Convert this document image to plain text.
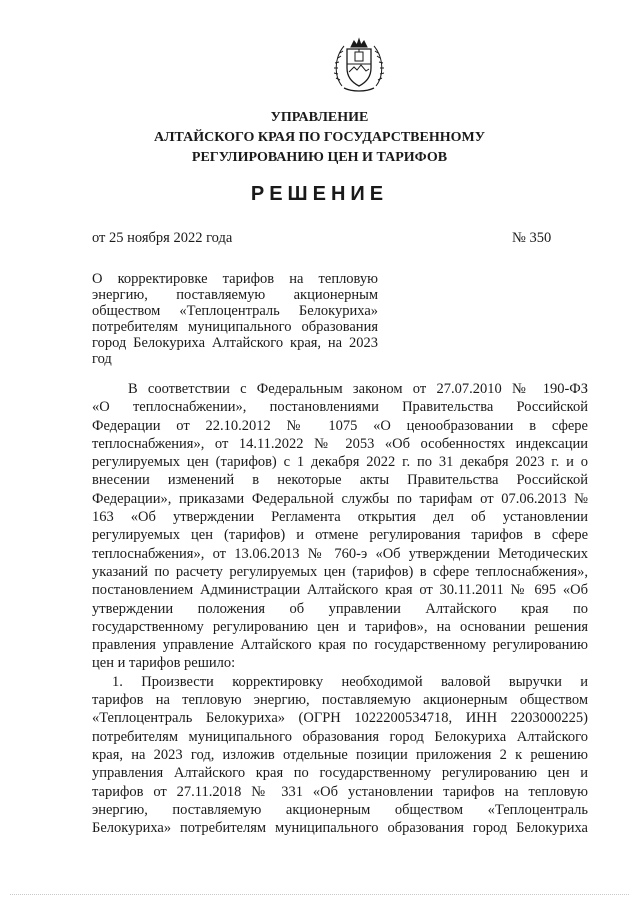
УПРАВЛЕНИЕ
АЛТАЙСКОГО КРАЯ ПО ГОСУДАРСТВЕННОМУ
РЕГУЛИРОВАНИЮ ЦЕН И ТАРИФОВ
РЕШЕНИЕ
от 25 ноября 2022 года	№ 350
О корректировке тарифов на тепловую
энергию, поставляемую акционерным
обществом «Теплоцентраль Белокуриха»
потребителям муниципального образования
город Белокуриха Алтайского края, на 2023
год
В соответствии с Федеральным законом от 27.07.2010 № 190-ФЗ
«О теплоснабжении», постановлениями Правительства Российской
Федерации от 22.10.2012 № 1075 «О ценообразовании в сфере
теплоснабжения», от 14.11.2022 № 2053 «Об особенностях индексации
регулируемых цен (тарифов) с 1 декабря 2022 г. по 31 декабря 2023 г. и о
внесении изменений в некоторые акты Правительства Российской
Федерации», приказами Федеральной службы по тарифам от 07.06.2013 №
163 «Об утверждении Регламента открытия дел об установлении
регулируемых цен (тарифов) и отмене регулирования тарифов в сфере
теплоснабжения», от 13.06.2013 № 760-э «Об утверждении Методических
указаний по расчету регулируемых цен (тарифов) в сфере теплоснабжения»,
постановлением Администрации Алтайского края от 30.11.2011 № 695 «Об
утверждении положения об управлении Алтайского края по
государственному регулированию цен и тарифов», на основании решения
правления управление Алтайского края по государственному регулированию
цен и тарифов решило:
1. Произвести корректировку необходимой валовой выручки и
тарифов на тепловую энергию, поставляемую акционерным обществом
«Теплоцентраль Белокуриха» (ОГРН 1022200534718, ИНН 2203000225)
потребителям муниципального образования город Белокуриха Алтайского
края, на 2023 год, изложив отдельные позиции приложения 2 к решению
управления Алтайского края по государственному регулированию цен и
тарифов от 27.11.2018 № 331 «Об установлении тарифов на тепловую
энергию, поставляемую акционерным обществом «Теплоцентраль
Белокуриха» потребителям муниципального образования город Белокуриха
